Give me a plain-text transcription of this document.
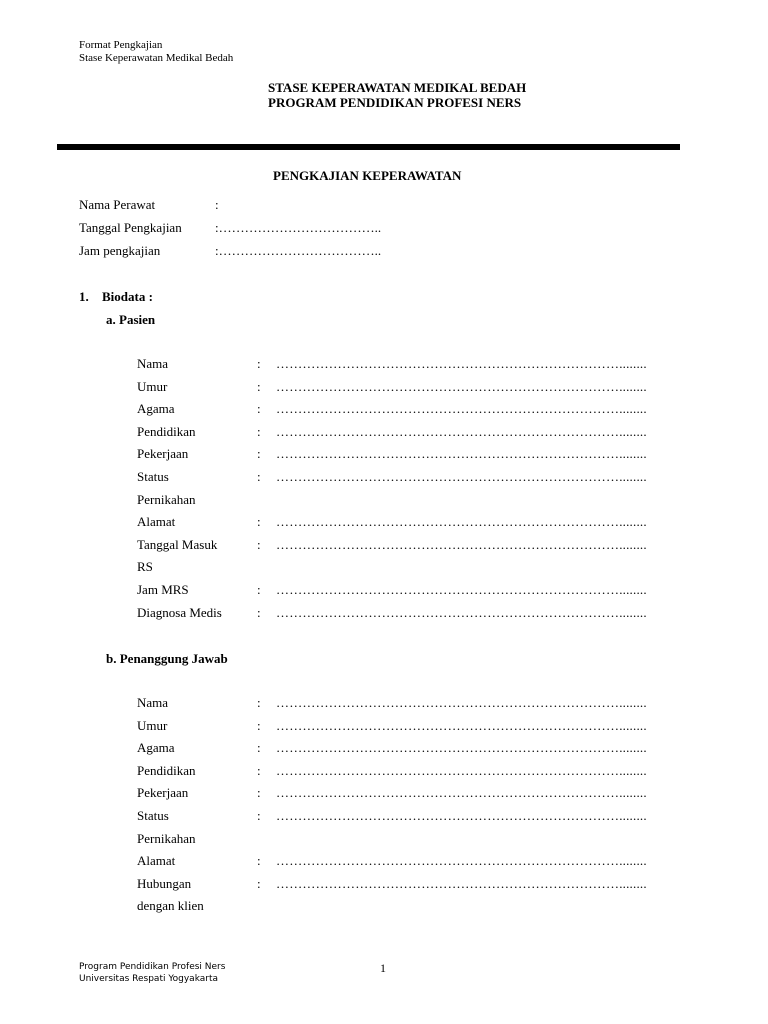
Format Pengkajian
Stase Keperawatan Medikal Bedah
STASE KEPERAWATAN MEDIKAL BEDAH
PROGRAM PENDIDIKAN PROFESI NERS
PENGKAJIAN KEPERAWATAN
Nama Perawat	:
Tanggal Pengkajian	:………………………………..
Jam pengkajian	:………………………………..
1. Biodata :
a. Pasien
Nama	: ……………………………………………………………………........
Umur	: ……………………………………………………………………........
Agama	: ……………………………………………………………………........
Pendidikan	: ……………………………………………………………………........
Pekerjaan	: ……………………………………………………………………........
Status	: ……………………………………………………………………........
Pernikahan
Alamat	: ……………………………………………………………………........
Tanggal Masuk	: ……………………………………………………………………........
RS
Jam MRS	: ……………………………………………………………………........
Diagnosa Medis	: ……………………………………………………………………........
b. Penanggung Jawab
Nama	: ……………………………………………………………………........
Umur	: ……………………………………………………………………........
Agama	: ……………………………………………………………………........
Pendidikan	: ……………………………………………………………………........
Pekerjaan	: ……………………………………………………………………........
Status	: ……………………………………………………………………........
Pernikahan
Alamat	: ……………………………………………………………………........
Hubungan	: ……………………………………………………………………........
dengan klien
Program Pendidikan Profesi Ners
Universitas Respati Yogyakarta
1
